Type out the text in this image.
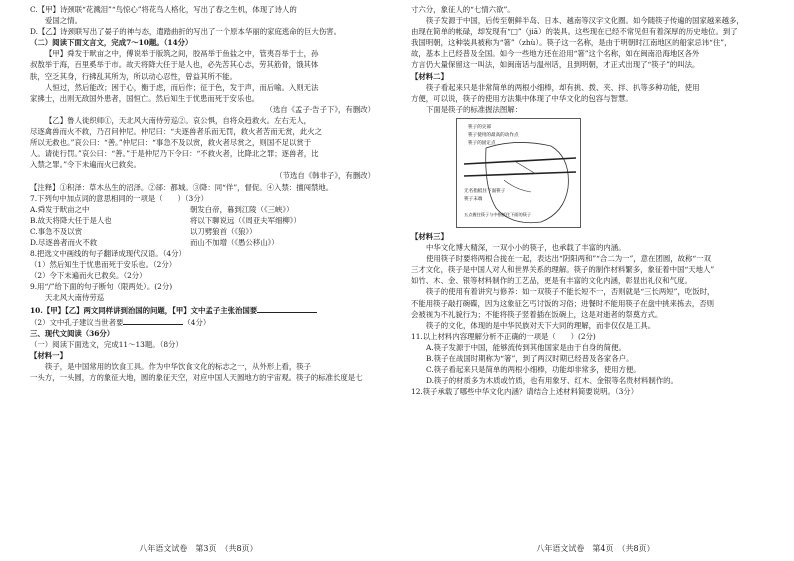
C.【甲】诗颈联“花溅泪”“鸟惊心”将花鸟人格化，写出了春之生机，体现了诗人的
爱国之情。
D.【乙】诗颈联写出了晏子的神与态，遣踏曲折的写出了一个原本华丽的家庭逃命的巨大伤害。
（二）阅读下面文言文，完成7～10题。（14分）
【甲】舜发于畎亩之中，傅说举于版筑之间，胶鬲举于鱼盐之中，管夷吾举于士，孙
叔敖举于海，百里奚举于市。故天将降大任于是人也，必先苦其心志，劳其筋骨，饿其体
肤，空乏其身，行拂乱其所为，所以动心忍性，曾益其所不能。
人恒过，然后能改；困于心，衡于虑，而后作；征于色，发于声，而后喻。入则无法
家拂士，出则无敌国外患者，国恒亡。然后知生于忧患而死于安乐也。
（选自《孟子·告子下》，有删改）
【乙】鲁人徙织师①，天北风大南侍劳巡②。哀公惧，自将众趋救火。左右无人，
尽逐禽兽而火不救，乃召问仲尼。仲尼曰：“夫逐兽者乐而无罚，救火者苦而无赏，此火之
所以无救也。”哀公曰：“善。”仲尼曰：“事急不及以赏，救火者尽赏之，则国不足以赏于
人。请徒行罚。”哀公曰：“善。”于是仲尼乃下令曰：“不救火者，比降北之罪；逐兽者，比
入禁之罪。”令下未遍而火已救矣。
（节选自《韩非子》，有删改）
【注释】①积泽：草木丛生的沼泽。②郤：都城。③降：同“佯”，督促。④入禁：擅闯禁地。
7.下列句中加点词的意思相同的一项是（　　）（3分）
A.舜发于畎亩之中	朝发白帝，暮到江陵（《三峡》）
B.故天将降大任于是人也	将以下聊说远（《周亚夫军细柳》）
C.事急不及以赏	以刀劈狼首（《狼》）
D.尽逐兽者而火不救	而山不加增（《愚公移山》）
8.把选文中画线的句子翻译成现代汉语。（4分）
（1）然后知生于忧患而死于安乐也。（2分）
（2）令下未遍而火已救矣。（2分）
9.用“/”给下面的句子断句（限两处）。(2分)
天北风大南侍劳巡
10.【甲】【乙】两文同样讲到治国的问题，【甲】文中孟子主张治国要
（2）文中孔子建议当世者要	（4分）
三、现代文阅读（36分）
（一）阅读下面选文，完成11～13题。（8分）
【材料一】
筷子，是中国常用的饮食工具。作为中华饮食文化的标志之一，从外形上看，筷子
一头方，一头圆，方的象征大地，圆的象征天空，对应中国人天圆地方的宇宙观。筷子的标准长度是七
八年语文试卷　第3页　（共8页）
寸六分，象征人的“七情六欲”。
筷子发源于中国，后传至朝鲜半岛、日本、越南等汉字文化圈。如今随筷子传遍的国家越来越多，
由现在简单的帐碌，却发现有“□”（jiā）的装具。这些现在已经不常见但有着深厚的历史地位。到了
我国明朝，这种装具被称为“箸”（zhù）。筷子这一名称，是由于明朝时江南地区的船家忌讳“住”，
故，基本上已经普及全国。如今一些地方还在沿用“箸”这个名称，如在闽南沿海地区各外
方言仍大量保留这一叫法，如闽南话与温州话，且到明朝，才正式出现了“筷子”的叫法。
【材料二】
筷子看起来只是非常简单的两根小细棒，却有挑、拨、夹、拌、扒等多种功能，使用
方便，可以说，筷子的使用方法集中体现了中华文化的包容与智慧。
下面是筷子的标准握法图解：
筷子的尖部
筷子使用的最高的动作点
筷子的固定点
无名指抵住下面筷子
筷子末端
五点握住筷子与中指抵住下面的筷子
【材料三】
中华文化博大精深，一双小小的筷子，也承载了丰富的内涵。
使用筷子时要将两根合拢在一起，表达出“阴阳两和”“合二为一”，意在团圆，故称“一双
三才文化，筷子是中国人对人和世界关系的理解。筷子的制作材料繁多，象征着中国“天地人”
如竹、木、金、银等材料制作的工艺品，更是有丰富的文化内涵，彰显出礼仪和气度。
筷子的使用有着讲究与修养：如一双筷子不能长短不一，否则就是“三长两短”，吃饭时，
不能用筷子敲打碗碟，因为这象征乞丐讨饭的习俗；进餐时不能用筷子在盘中挑来拣去，否则
会被视为不礼貌行为；不能将筷子竖着插在饭碗上，这是对逝者的祭奠方式。
筷子的文化，体现的是中华民族对天下大同的理解，而非仅仅是工具。
11.以上材料内容理解分析不正确的一项是（　　）(2分)
A.筷子发源于中国，能够流传到其他国家是由于自身的简便。
B.筷子在战国时期称为“箸”，到了两汉时期已经普及各家各户。
C.筷子看起来只是简单的两根小细棒，功能却非常多，使用方便。
D.筷子的材质多为木质或竹质，也有用象牙、红木、金银等名贵材料制作的。
12.筷子承载了哪些中华文化内涵？请结合上述材料简要说明。（3分）
八年语文试卷　第4页　（共8页）
